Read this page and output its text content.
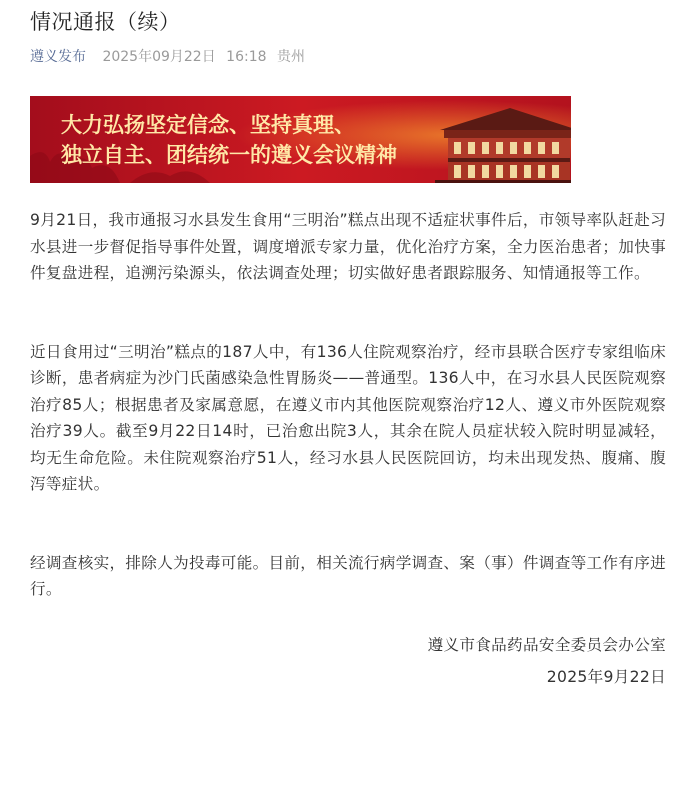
情况通报（续）
遵义发布 2025年09月22日 16:18 贵州
大力弘扬坚定信念、坚持真理、
独立自主、团结统一的遵义会议精神

9月21日，我市通报习水县发生食用“三明治”糕点出现不适症状事件后，市领导率队赶赴习水县进一步督促指导事件处置，调度增派专家力量，优化治疗方案，全力医治患者；加快事件复盘进程，追溯污染源头，依法调查处理；切实做好患者跟踪服务、知情通报等工作。

近日食用过“三明治”糕点的187人中，有136人住院观察治疗，经市县联合医疗专家组临床诊断，患者病症为沙门氏菌感染急性胃肠炎——普通型。136人中，在习水县人民医院观察治疗85人；根据患者及家属意愿，在遵义市内其他医院观察治疗12人、遵义市外医院观察治疗39人。截至9月22日14时，已治愈出院3人，其余在院人员症状较入院时明显减轻，均无生命危险。未住院观察治疗51人，经习水县人民医院回访，均未出现发热、腹痛、腹泻等症状。

经调查核实，排除人为投毒可能。目前，相关流行病学调查、案（事）件调查等工作有序进行。

遵义市食品药品安全委员会办公室
2025年9月22日
